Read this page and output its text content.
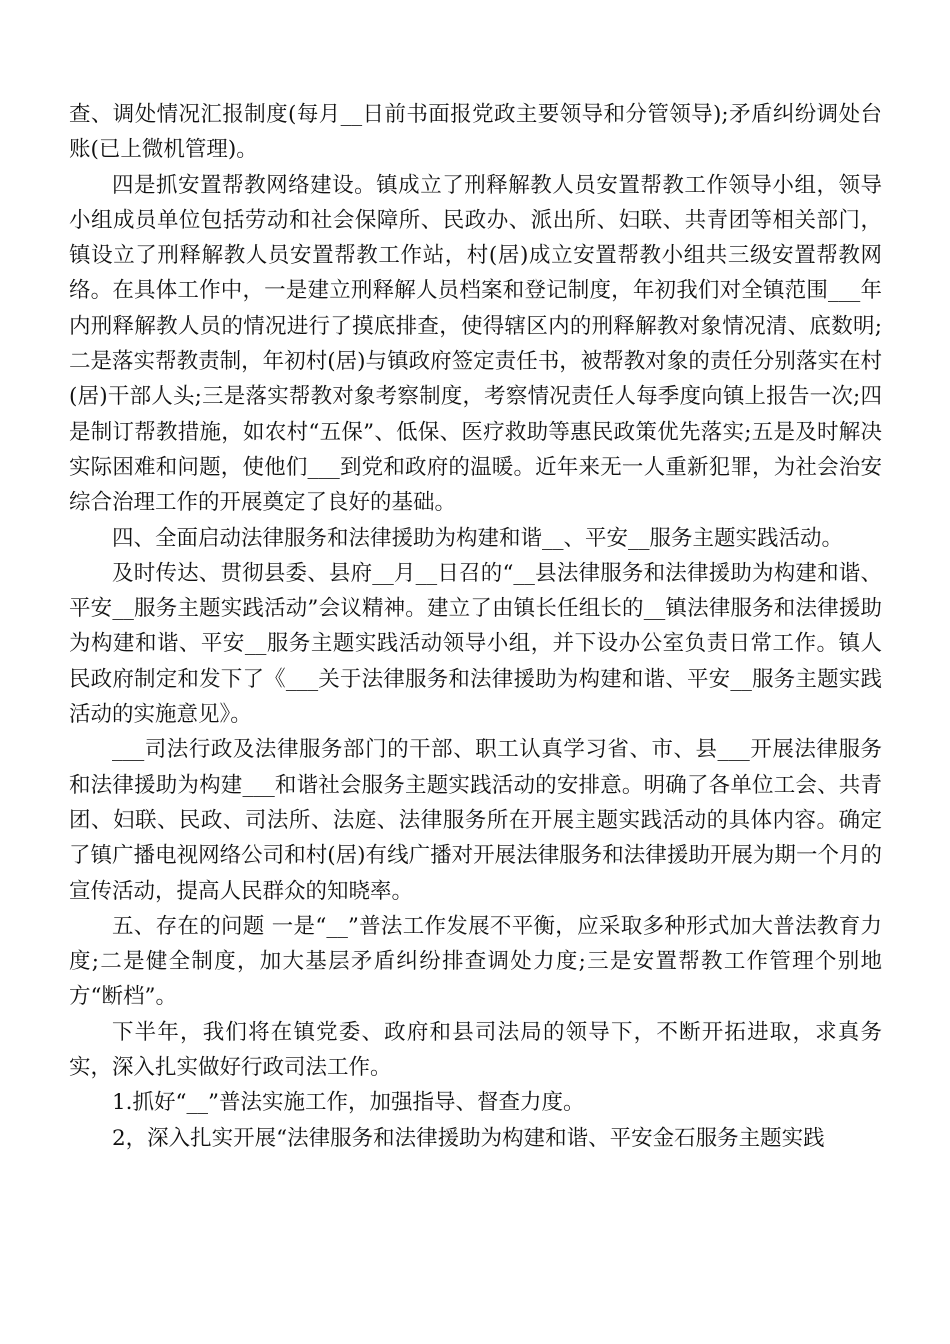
查、调处情况汇报制度(每月__日前书面报党政主要领导和分管领导);矛盾纠纷调处台账(已上微机管理)。

四是抓安置帮教网络建设。镇成立了刑释解教人员安置帮教工作领导小组，领导小组成员单位包括劳动和社会保障所、民政办、派出所、妇联、共青团等相关部门，镇设立了刑释解教人员安置帮教工作站，村(居)成立安置帮教小组共三级安置帮教网络。在具体工作中，一是建立刑释解人员档案和登记制度，年初我们对全镇范围___年内刑释解教人员的情况进行了摸底排查，使得辖区内的刑释解教对象情况清、底数明;二是落实帮教责制，年初村(居)与镇政府签定责任书，被帮教对象的责任分别落实在村(居)干部人头;三是落实帮教对象考察制度，考察情况责任人每季度向镇上报告一次;四是制订帮教措施，如农村“五保”、低保、医疗救助等惠民政策优先落实;五是及时解决实际困难和问题，使他们___到党和政府的温暖。近年来无一人重新犯罪，为社会治安综合治理工作的开展奠定了良好的基础。

四、全面启动法律服务和法律援助为构建和谐__、平安__服务主题实践活动。

及时传达、贯彻县委、县府__月__日召的“__县法律服务和法律援助为构建和谐、平安__服务主题实践活动”会议精神。建立了由镇长任组长的__镇法律服务和法律援助为构建和谐、平安__服务主题实践活动领导小组，并下设办公室负责日常工作。镇人民政府制定和发下了《___关于法律服务和法律援助为构建和谐、平安__服务主题实践活动的实施意见》。

___司法行政及法律服务部门的干部、职工认真学习省、市、县___开展法律服务和法律援助为构建___和谐社会服务主题实践活动的安排意。明确了各单位工会、共青团、妇联、民政、司法所、法庭、法律服务所在开展主题实践活动的具体内容。确定了镇广播电视网络公司和村(居)有线广播对开展法律服务和法律援助开展为期一个月的宣传活动，提高人民群众的知晓率。

五、存在的问题 一是“__”普法工作发展不平衡，应采取多种形式加大普法教育力度;二是健全制度，加大基层矛盾纠纷排查调处力度;三是安置帮教工作管理个别地方“断档”。

下半年，我们将在镇党委、政府和县司法局的领导下，不断开拓进取，求真务实，深入扎实做好行政司法工作。

1.抓好“__”普法实施工作，加强指导、督查力度。

2，深入扎实开展“法律服务和法律援助为构建和谐、平安金石服务主题实践
